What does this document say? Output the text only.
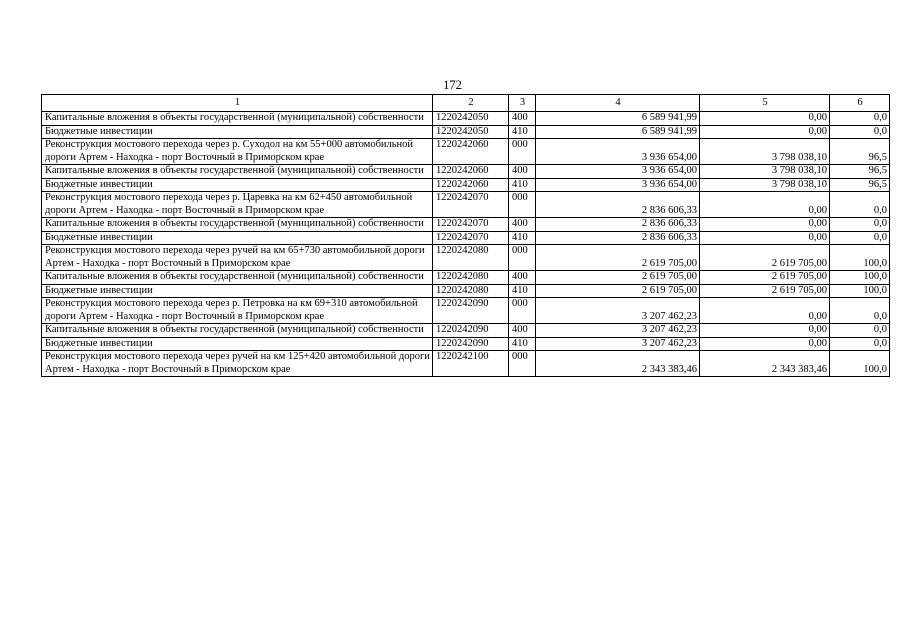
172
1	2	3	4	5	6
Капитальные вложения в объекты государственной (муниципальной) собственности	1220242050	400	6 589 941,99	0,00	0,0
Бюджетные инвестиции	1220242050	410	6 589 941,99	0,00	0,0
Реконструкция мостового перехода через р. Суходол на км 55+000 автомобильной дороги Артем - Находка - порт Восточный в Приморском крае	1220242060	000	3 936 654,00	3 798 038,10	96,5
Капитальные вложения в объекты государственной (муниципальной) собственности	1220242060	400	3 936 654,00	3 798 038,10	96,5
Бюджетные инвестиции	1220242060	410	3 936 654,00	3 798 038,10	96,5
Реконструкция мостового перехода через р. Царевка на км 62+450 автомобильной дороги Артем - Находка - порт Восточный в Приморском крае	1220242070	000	2 836 606,33	0,00	0,0
Капитальные вложения в объекты государственной (муниципальной) собственности	1220242070	400	2 836 606,33	0,00	0,0
Бюджетные инвестиции	1220242070	410	2 836 606,33	0,00	0,0
Реконструкция мостового перехода через ручей на км 65+730 автомобильной дороги Артем - Находка - порт Восточный в Приморском крае	1220242080	000	2 619 705,00	2 619 705,00	100,0
Капитальные вложения в объекты государственной (муниципальной) собственности	1220242080	400	2 619 705,00	2 619 705,00	100,0
Бюджетные инвестиции	1220242080	410	2 619 705,00	2 619 705,00	100,0
Реконструкция мостового перехода через р. Петровка на км 69+310 автомобильной дороги Артем - Находка - порт Восточный в Приморском крае	1220242090	000	3 207 462,23	0,00	0,0
Капитальные вложения в объекты государственной (муниципальной) собственности	1220242090	400	3 207 462,23	0,00	0,0
Бюджетные инвестиции	1220242090	410	3 207 462,23	0,00	0,0
Реконструкция мостового перехода через ручей на км 125+420 автомобильной дороги Артем - Находка - порт Восточный в Приморском крае	1220242100	000	2 343 383,46	2 343 383,46	100,0
